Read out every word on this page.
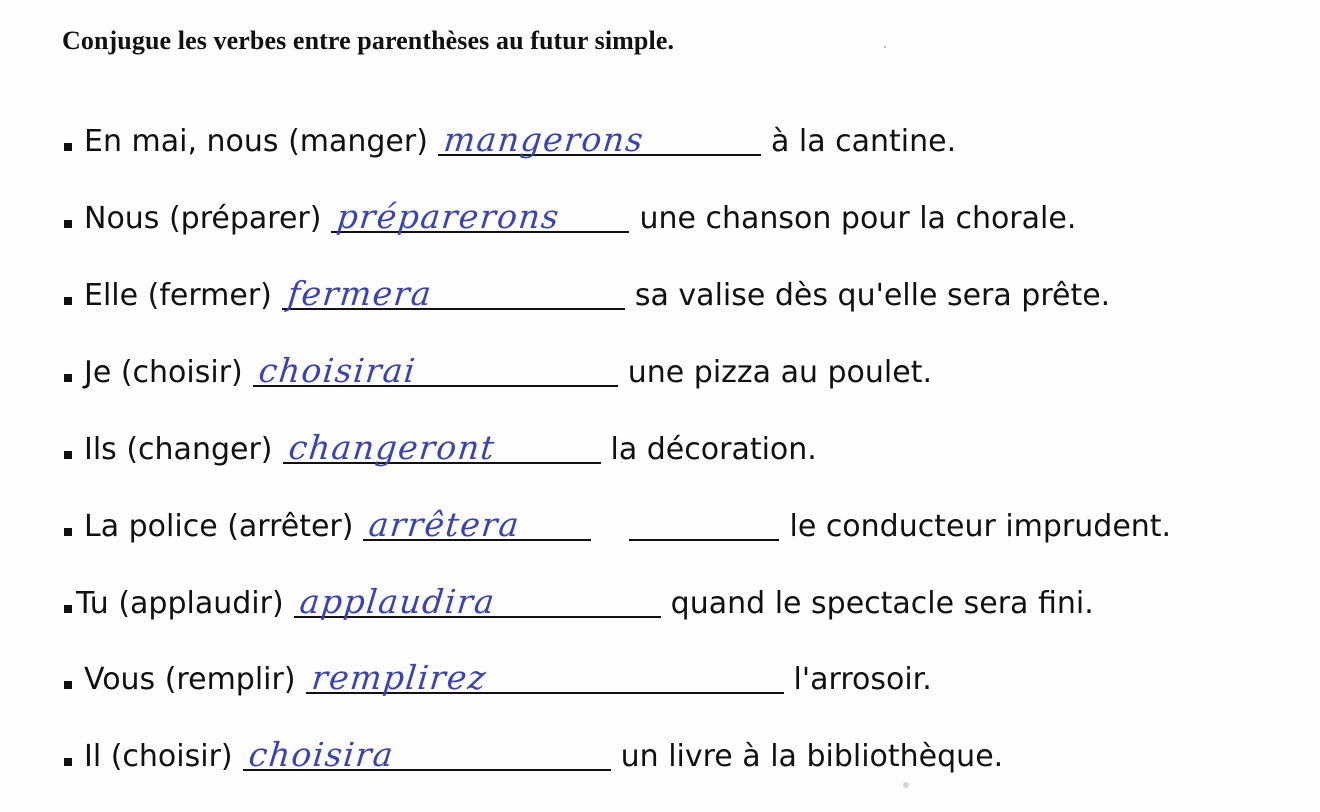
Conjugue les verbes entre parenthèses au futur simple.
En mai, nous (manger) mangerons	à la cantine.
Nous (préparer) préparerons	une chanson pour la chorale.
Elle (fermer) fermera	sa valise dès qu'elle sera prête.
Je (choisir) choisirai	une pizza au poulet.
Ils (changer) changeront	la décoration.
La police (arrêter) arrêtera	le conducteur imprudent.
Tu (applaudir) applaudira	quand le spectacle sera fini.
Vous (remplir) remplirez	l'arrosoir.
Il (choisir) choisira	un livre à la bibliothèque.
